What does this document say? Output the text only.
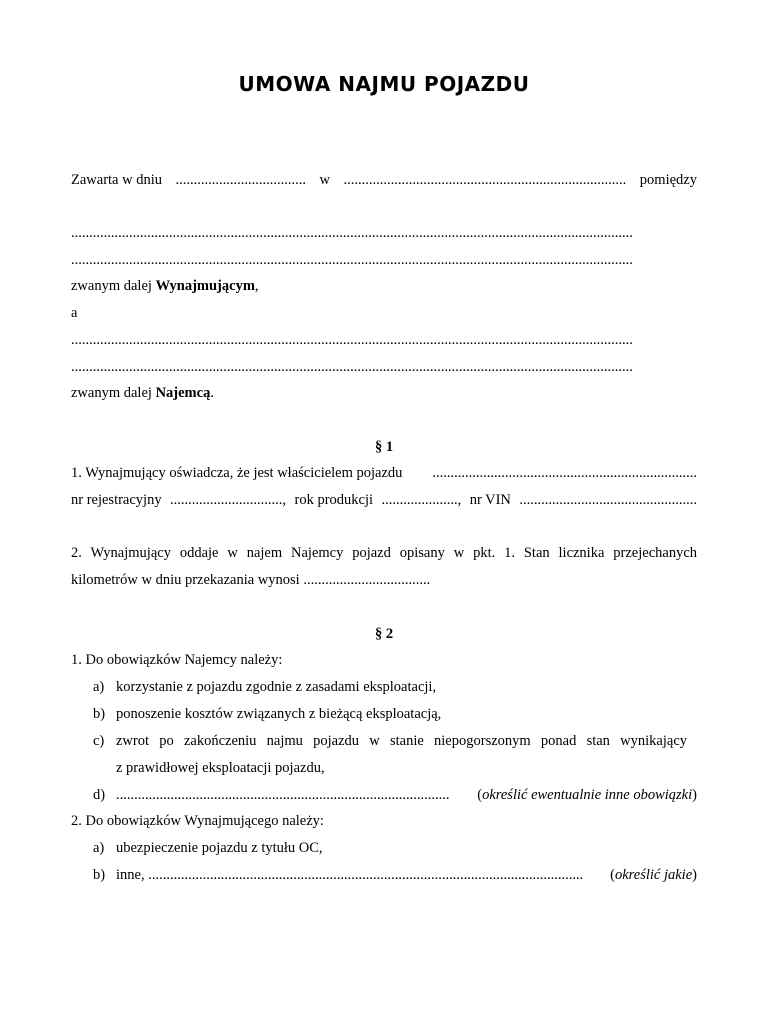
UMOWA NAJMU POJAZDU
Zawarta w dniu .................................... w .............................................................................. pomiędzy
...........................................................................................................................................................
...........................................................................................................................................................
zwanym dalej Wynajmującym,
a
...........................................................................................................................................................
...........................................................................................................................................................
zwanym dalej Najemcą.
§ 1
1. Wynajmujący oświadcza, że jest właścicielem pojazdu .........................................................................
nr rejestracyjny ..............................., rok produkcji ....................., nr VIN .................................................
2. Wynajmujący oddaje w najem Najemcy pojazd opisany w pkt. 1. Stan licznika przejechanych
kilometrów w dniu przekazania wynosi ...................................
§ 2
1. Do obowiązków Najemcy należy:
a) korzystanie z pojazdu zgodnie z zasadami eksploatacji,
b) ponoszenie kosztów związanych z bieżącą eksploatacją,
c) zwrot po zakończeniu najmu pojazdu w stanie niepogorszonym ponad stan wynikający
z prawidłowej eksploatacji pojazdu,
d) ............................................................................................ (określić ewentualnie inne obowiązki)
2. Do obowiązków Wynajmującego należy:
a) ubezpieczenie pojazdu z tytułu OC,
b) inne, ........................................................................................................................ (określić jakie)
